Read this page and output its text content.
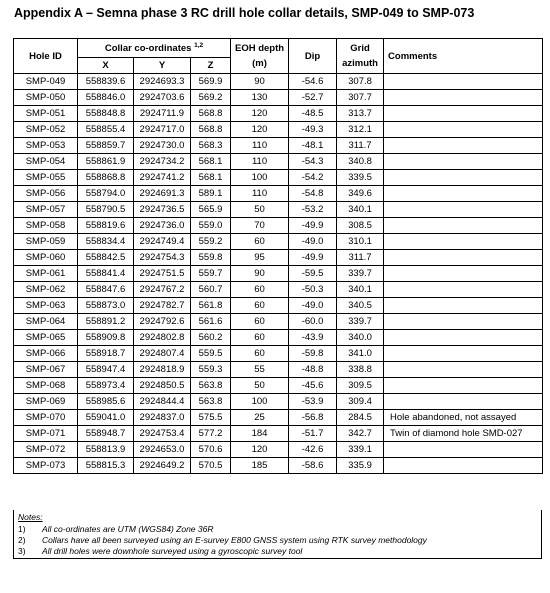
Appendix A – Semna phase 3 RC drill hole collar details, SMP-049 to SMP-073
Hole ID	Collar co-ordinates $^{1,2}$			EOH depth (m)	Dip	Grid azimuth	Comments
	X	Y	Z				
SMP-049	558839.6	2924693.3	569.9	90	-54.6	307.8	
SMP-050	558846.0	2924703.6	569.2	130	-52.7	307.7	
SMP-051	558848.8	2924711.9	568.8	120	-48.5	313.7	
SMP-052	558855.4	2924717.0	568.8	120	-49.3	312.1	
SMP-053	558859.7	2924730.0	568.3	110	-48.1	311.7	
SMP-054	558861.9	2924734.2	568.1	110	-54.3	340.8	
SMP-055	558868.8	2924741.2	568.1	100	-54.2	339.5	
SMP-056	558794.0	2924691.3	589.1	110	-54.8	349.6	
SMP-057	558790.5	2924736.5	565.9	50	-53.2	340.1	
SMP-058	558819.6	2924736.0	559.0	70	-49.9	308.5	
SMP-059	558834.4	2924749.4	559.2	60	-49.0	310.1	
SMP-060	558842.5	2924754.3	559.8	95	-49.9	311.7	
SMP-061	558841.4	2924751.5	559.7	90	-59.5	339.7	
SMP-062	558847.6	2924767.2	560.7	60	-50.3	340.1	
SMP-063	558873.0	2924782.7	561.8	60	-49.0	340.5	
SMP-064	558891.2	2924792.6	561.6	60	-60.0	339.7	
SMP-065	558909.8	2924802.8	560.2	60	-43.9	340.0	
SMP-066	558918.7	2924807.4	559.5	60	-59.8	341.0	
SMP-067	558947.4	2924818.9	559.3	55	-48.8	338.8	
SMP-068	558973.4	2924850.5	563.8	50	-45.6	309.5	
SMP-069	558985.6	2924844.4	563.8	100	-53.9	309.4	
SMP-070	559041.0	2924837.0	575.5	25	-56.8	284.5	Hole abandoned, not assayed
SMP-071	558948.7	2924753.4	577.2	184	-51.7	342.7	Twin of diamond hole SMD-027
SMP-072	558813.9	2924653.0	570.6	120	-42.6	339.1	
SMP-073	558815.3	2924649.2	570.5	185	-58.6	335.9	
Notes:
1) All co-ordinates are UTM (WGS84) Zone 36R
2) Collars have all been surveyed using an E-survey E800 GNSS system using RTK survey methodology
3) All drill holes were downhole surveyed using a gyroscopic survey tool
